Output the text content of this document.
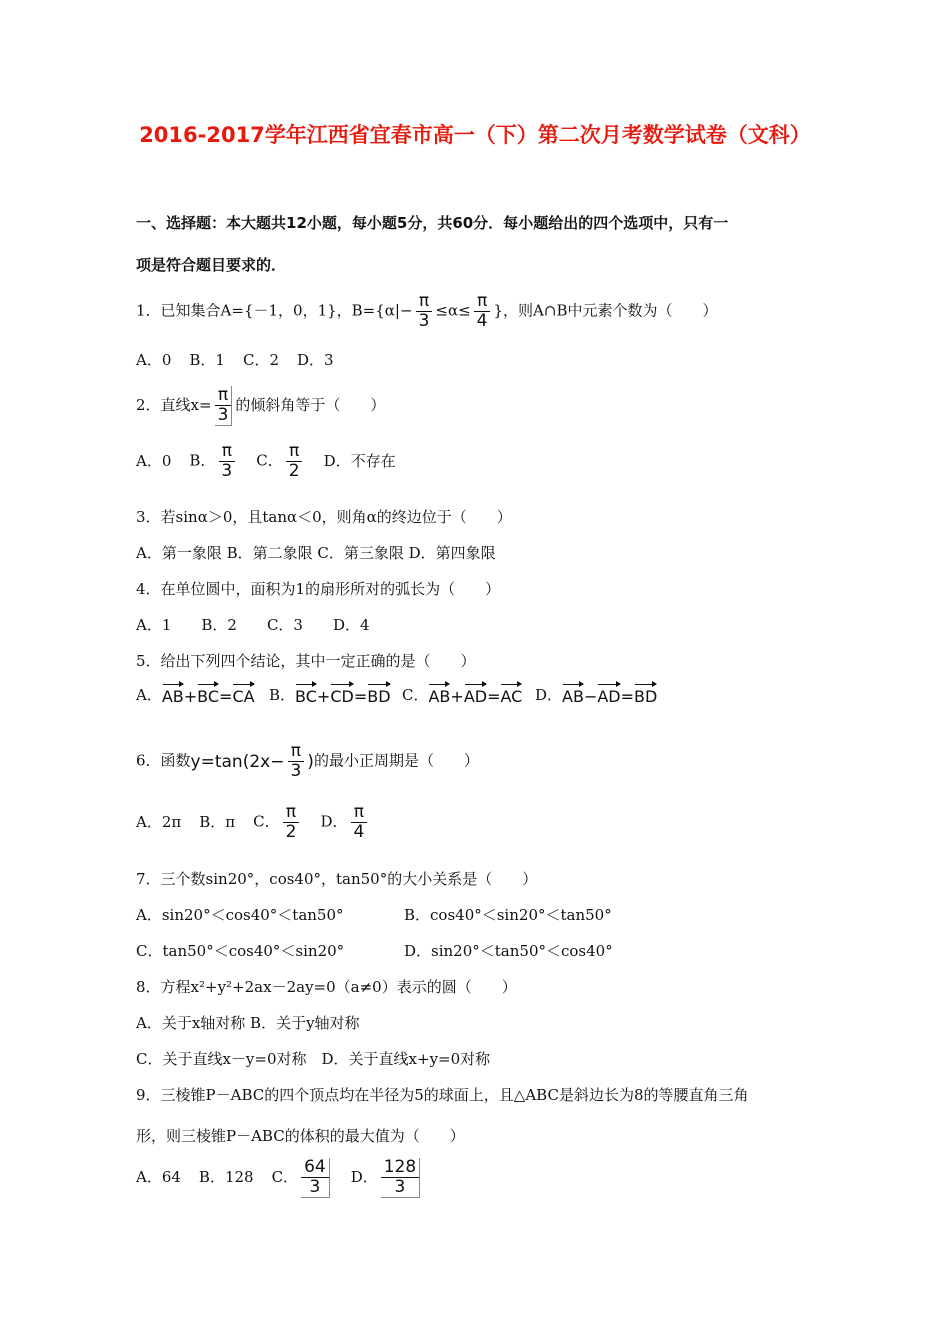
2016-2017学年江西省宜春市高一（下）第二次月考数学试卷（文科）
一、选择题：本大题共12小题，每小题5分，共60分．每小题给出的四个选项中，只有一
项是符合题目要求的．
1．已知集合A={－1，0，1}，$B=\{\alpha|- \frac{\pi}{3} \le\alpha\le \frac{\pi}{4}$ }，则A∩B中元素个数为（　　）
A．0 B．1 C．2 D．3
2．直线$x= \frac{\pi}{3}$ 的倾斜角等于（　　）
A．0 B． $\frac{\pi}{3}$ C． $\frac{\pi}{2}$ D．不存在
3．若sinα＞0，且tanα＜0，则角α的终边位于（　　）
A．第一象限 B．第二象限 C．第三象限 D．第四象限
4．在单位圆中，面积为1的扇形所对的弧长为（　　）
A．1　　B．2　　C．3　　D．4
5．给出下列四个结论，其中一定正确的是（　　）
A．AB+BC=CA B．BC+CD=BD C．AB+AD=AC D．AB−AD=BD
6．函数$y=\tan(2x- \frac{\pi}{3}$ )的最小正周期是（　　）
A．2π B．π C． $\frac{\pi}{2}$ D． $\frac{\pi}{4}$
7．三个数sin20°，cos40°，tan50°的大小关系是（　　）
A．sin20°＜cos40°＜tan50°	B．cos40°＜sin20°＜tan50°
C．tan50°＜cos40°＜sin20°	D．sin20°＜tan50°＜cos40°
8．方程x²+y²+2ax－2ay=0（a≠0）表示的圆（　　）
A．关于x轴对称 B．关于y轴对称
C．关于直线x－y=0对称　D．关于直线x+y=0对称
9．三棱锥P－ABC的四个顶点均在半径为5的球面上，且△ABC是斜边长为8的等腰直角三角
形，则三棱锥P－ABC的体积的最大值为（　　）
A．64 B．128 C． $\frac{64}{3}$ D． $\frac{128}{3}$
